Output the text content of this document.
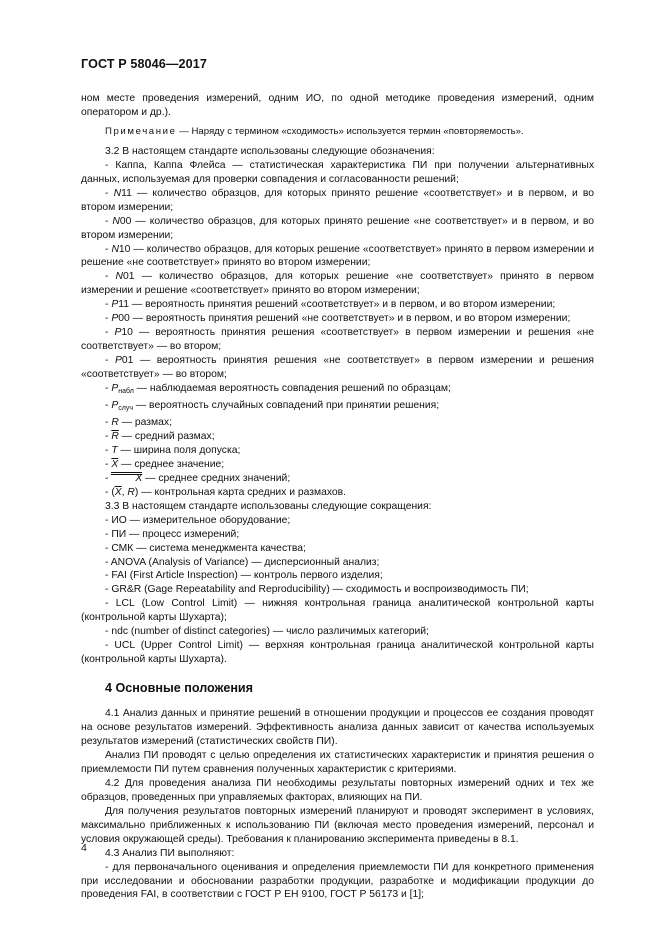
ГОСТ Р 58046—2017

ном месте проведения измерений, одним ИО, по одной методике проведения измерений, одним оператором и др.).

Примечание — Наряду с термином «сходимость» используется термин «повторяемость».

3.2 В настоящем стандарте использованы следующие обозначения:

- Каппа, Каппа Флейса — статистическая характеристика ПИ при получении альтернативных данных, используемая для проверки совпадения и согласованности решений;

- N11 — количество образцов, для которых принято решение «соответствует» и в первом, и во втором измерении;

- N00 — количество образцов, для которых принято решение «не соответствует» и в первом, и во втором измерении;

- N10 — количество образцов, для которых решение «соответствует» принято в первом измерении и решение «не соответствует» принято во втором измерении;

- N01 — количество образцов, для которых решение «не соответствует» принято в первом измерении и решение «соответствует» принято во втором измерении;

- P11 — вероятность принятия решений «соответствует» и в первом, и во втором измерении;

- P00 — вероятность принятия решений «не соответствует» и в первом, и во втором измерении;

- P10 — вероятность принятия решения «соответствует» в первом измерении и решения «не соответствует» — во втором;

- P01 — вероятность принятия решения «не соответствует» в первом измерении и решения «соответствует» — во втором;

- $P_{набл}$ — наблюдаемая вероятность совпадения решений по образцам;

- $P_{случ}$ — вероятность случайных совпадений при принятии решения;

- R — размах;

- $\overline{R}$ — средний размах;

- T — ширина поля допуска;

- $\overline{X}$ — среднее значение;

- X — среднее средних значений;

- ($\overline{X}$, R) — контрольная карта средних и размахов.

3.3 В настоящем стандарте использованы следующие сокращения:

- ИО — измерительное оборудование;

- ПИ — процесс измерений;

- СМК — система менеджмента качества;

- ANOVA (Analysis of Variance) — дисперсионный анализ;

- FAI (First Article Inspection) — контроль первого изделия;

- GR&R (Gage Repeatability and Reproducibility) — сходимость и воспроизводимость ПИ;

- LCL (Low Control Limit) — нижняя контрольная граница аналитической контрольной карты (контрольной карты Шухарта);

- ndc (number of distinct categories) — число различимых категорий;

- UCL (Upper Control Limit) — верхняя контрольная граница аналитической контрольной карты (контрольной карты Шухарта).

4 Основные положения

4.1 Анализ данных и принятие решений в отношении продукции и процессов ее создания проводят на основе результатов измерений. Эффективность анализа данных зависит от качества используемых результатов измерений (статистических свойств ПИ).

Анализ ПИ проводят с целью определения их статистических характеристик и принятия решения о приемлемости ПИ путем сравнения полученных характеристик с критериями.

4.2 Для проведения анализа ПИ необходимы результаты повторных измерений одних и тех же образцов, проведенных при управляемых факторах, влияющих на ПИ.

Для получения результатов повторных измерений планируют и проводят эксперимент в условиях, максимально приближенных к использованию ПИ (включая место проведения измерений, персонал и условия окружающей среды). Требования к планированию эксперимента приведены в 8.1.

4.3 Анализ ПИ выполняют:

- для первоначального оценивания и определения приемлемости ПИ для конкретного применения при исследовании и обосновании разработки продукции, разработке и модификации продукции до проведения FAI, в соответствии с ГОСТ Р ЕН 9100, ГОСТ Р 56173 и [1];

4
